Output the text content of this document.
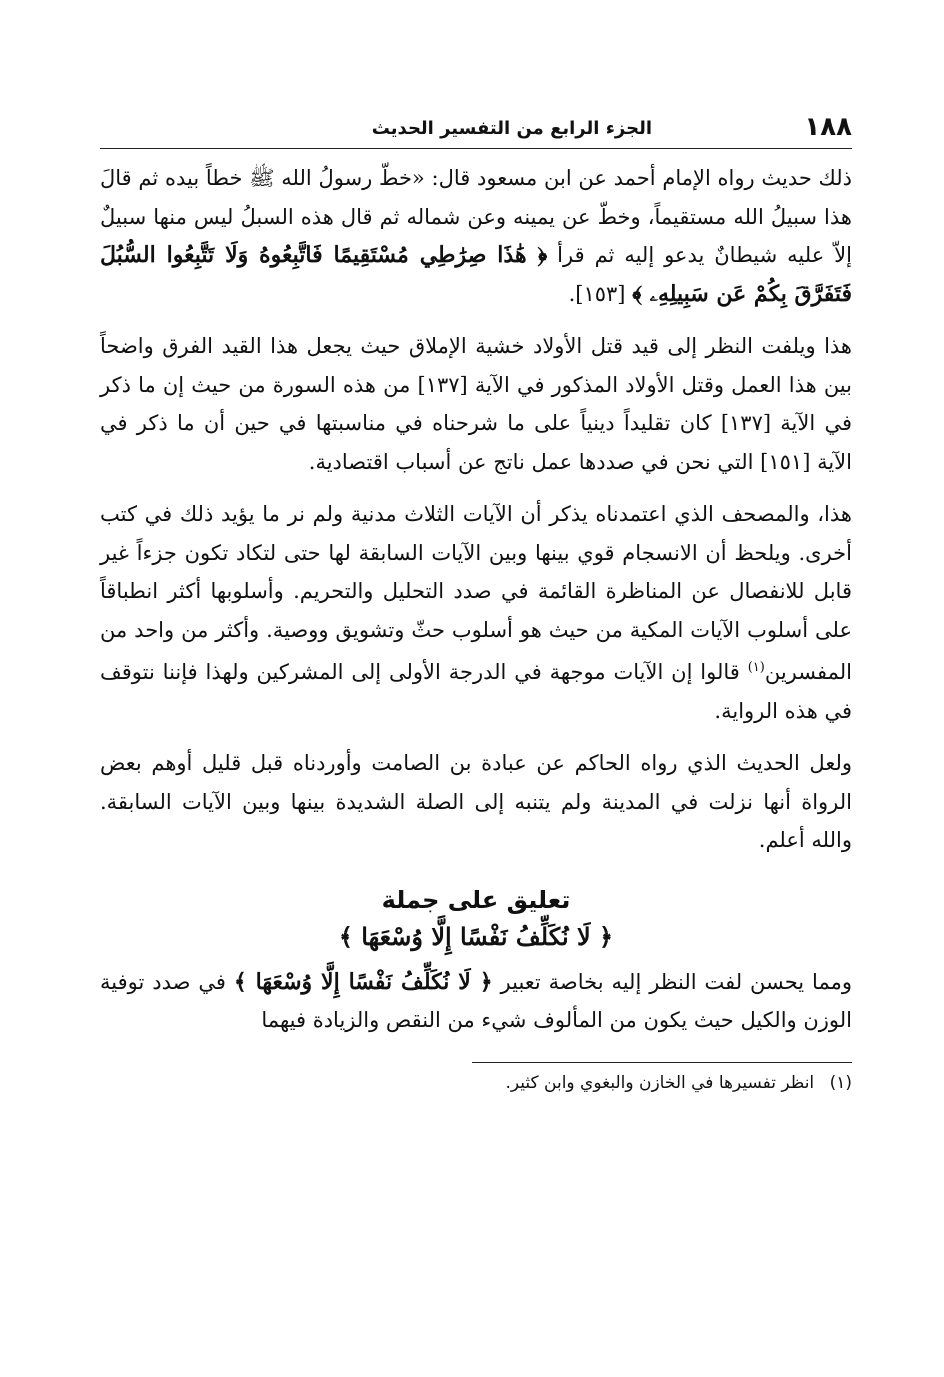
١٨٨
الجزء الرابع من التفسير الحديث

ذلك حديث رواه الإمام أحمد عن ابن مسعود قال: «خطّ رسولُ الله ﷺ خطاً بيده ثم قالَ هذا سبيلُ الله مستقيماً، وخطّ عن يمينه وعن شماله ثم قال هذه السبلُ ليس منها سبيلٌ إلاّ عليه شيطانٌ يدعو إليه ثم قرأ ﴿ هَٰذَا صِرَٰطِي مُسْتَقِيمًا فَاتَّبِعُوهُ وَلَا تَتَّبِعُوا السُّبُلَ فَتَفَرَّقَ بِكُمْ عَن سَبِيلِهِۦ ﴾ [١٥٣].

هذا ويلفت النظر إلى قيد قتل الأولاد خشية الإملاق حيث يجعل هذا القيد الفرق واضحاً بين هذا العمل وقتل الأولاد المذكور في الآية [١٣٧] من هذه السورة من حيث إن ما ذكر في الآية [١٣٧] كان تقليداً دينياً على ما شرحناه في مناسبتها في حين أن ما ذكر في الآية [١٥١] التي نحن في صددها عمل ناتج عن أسباب اقتصادية.

هذا، والمصحف الذي اعتمدناه يذكر أن الآيات الثلاث مدنية ولم نر ما يؤيد ذلك في كتب أخرى. ويلحظ أن الانسجام قوي بينها وبين الآيات السابقة لها حتى لتكاد تكون جزءاً غير قابل للانفصال عن المناظرة القائمة في صدد التحليل والتحريم. وأسلوبها أكثر انطباقاً على أسلوب الآيات المكية من حيث هو أسلوب حثّ وتشويق ووصية. وأكثر من واحد من المفسرين$^{(١)}$ قالوا إن الآيات موجهة في الدرجة الأولى إلى المشركين ولهذا فإننا نتوقف في هذه الرواية.

ولعل الحديث الذي رواه الحاكم عن عبادة بن الصامت وأوردناه قبل قليل أوهم بعض الرواة أنها نزلت في المدينة ولم يتنبه إلى الصلة الشديدة بينها وبين الآيات السابقة. والله أعلم.

تعليق على جملة
﴿ لَا نُكَلِّفُ نَفْسًا إِلَّا وُسْعَهَا ﴾

ومما يحسن لفت النظر إليه بخاصة تعبير ﴿ لَا نُكَلِّفُ نَفْسًا إِلَّا وُسْعَهَا ﴾ في صدد توفية الوزن والكيل حيث يكون من المألوف شيء من النقص والزيادة فيهما

(١) انظر تفسيرها في الخازن والبغوي وابن كثير.
